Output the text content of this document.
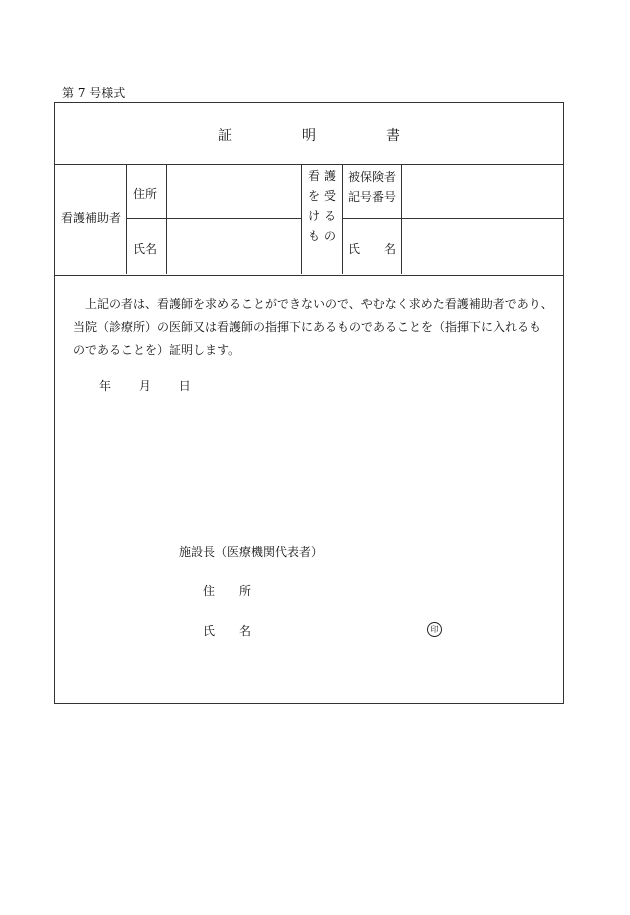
第 7 号様式
証　明　書
看護補助者
住所
氏名
看
を
け
も
護
受
る
の
被保険者
記号番号
氏　　名

上記の者は、看護師を求めることができないので、やむなく求めた看護補助者であり、

当院（診療所）の医師又は看護師の指揮下にあるものであることを（指揮下に入れるも
のであることを）証明します。
年 月 日
施設長（医療機関代表者）
住　　所
氏　　名	印
